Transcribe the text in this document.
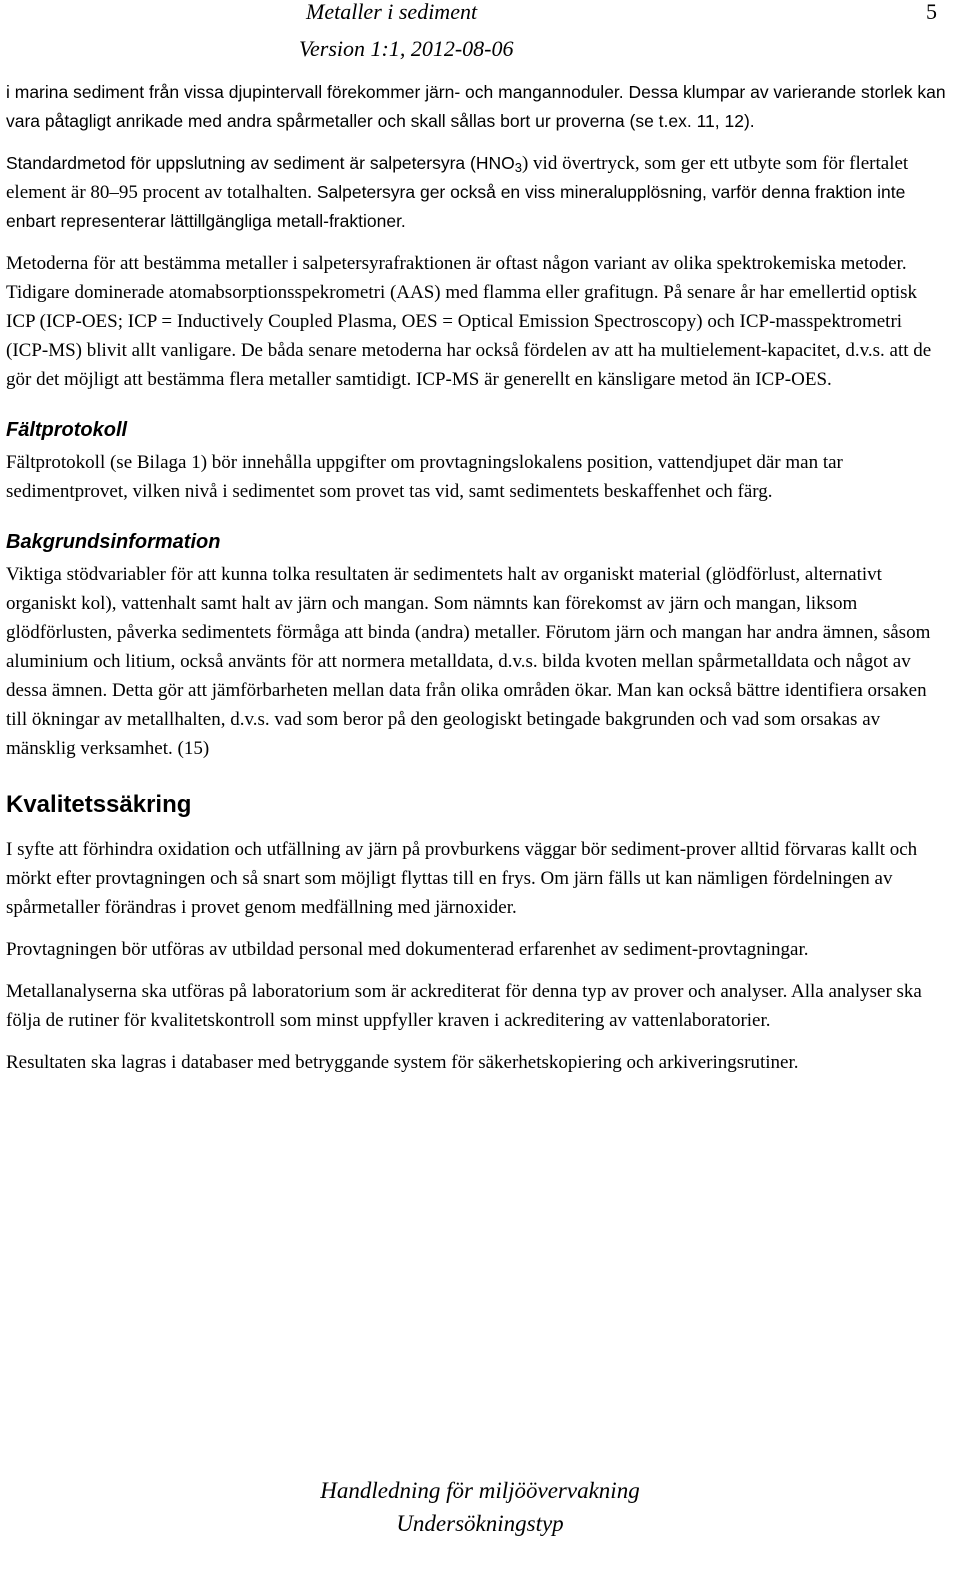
Metaller i sediment
Version 1:1, 2012-08-06
5

i marina sediment från vissa djupintervall förekommer järn- och mangannoduler. Dessa klumpar av varierande storlek kan vara påtagligt anrikade med andra spårmetaller och skall sållas bort ur proverna (se t.ex. 11, 12).

Standardmetod för uppslutning av sediment är salpetersyra $(HNO_3)$ vid övertryck, som ger ett utbyte som för flertalet element är 80–95 procent av totalhalten. Salpetersyra ger också en viss mineralupplösning, varför denna fraktion inte enbart representerar lättillgängliga metall-fraktioner.

Metoderna för att bestämma metaller i salpetersyrafraktionen är oftast någon variant av olika spektrokemiska metoder. Tidigare dominerade atomabsorptionsspekrometri (AAS) med flamma eller grafitugn. På senare år har emellertid optisk ICP (ICP-OES; ICP = Inductively Coupled Plasma, OES = Optical Emission Spectroscopy) och ICP-masspektrometri (ICP-MS) blivit allt vanligare. De båda senare metoderna har också fördelen av att ha multielement-kapacitet, d.v.s. att de gör det möjligt att bestämma flera metaller samtidigt. ICP-MS är generellt en känsligare metod än ICP-OES.

Fältprotokoll

Fältprotokoll (se Bilaga 1) bör innehålla uppgifter om provtagningslokalens position, vattendjupet där man tar sedimentprovet, vilken nivå i sedimentet som provet tas vid, samt sedimentets beskaffenhet och färg.

Bakgrundsinformation

Viktiga stödvariabler för att kunna tolka resultaten är sedimentets halt av organiskt material (glödförlust, alternativt organiskt kol), vattenhalt samt halt av järn och mangan. Som nämnts kan förekomst av järn och mangan, liksom glödförlusten, påverka sedimentets förmåga att binda (andra) metaller. Förutom järn och mangan har andra ämnen, såsom aluminium och litium, också använts för att normera metalldata, d.v.s. bilda kvoten mellan spårmetalldata och något av dessa ämnen. Detta gör att jämförbarheten mellan data från olika områden ökar. Man kan också bättre identifiera orsaken till ökningar av metallhalten, d.v.s. vad som beror på den geologiskt betingade bakgrunden och vad som orsakas av mänsklig verksamhet. (15)

Kvalitetssäkring

I syfte att förhindra oxidation och utfällning av järn på provburkens väggar bör sediment-prover alltid förvaras kallt och mörkt efter provtagningen och så snart som möjligt flyttas till en frys. Om järn fälls ut kan nämligen fördelningen av spårmetaller förändras i provet genom medfällning med järnoxider.

Provtagningen bör utföras av utbildad personal med dokumenterad erfarenhet av sediment-provtagningar.

Metallanalyserna ska utföras på laboratorium som är ackrediterat för denna typ av prover och analyser. Alla analyser ska följa de rutiner för kvalitetskontroll som minst uppfyller kraven i ackreditering av vattenlaboratorier.

Resultaten ska lagras i databaser med betryggande system för säkerhetskopiering och arkiveringsrutiner.

Handledning för miljöövervakning
Undersökningstyp
